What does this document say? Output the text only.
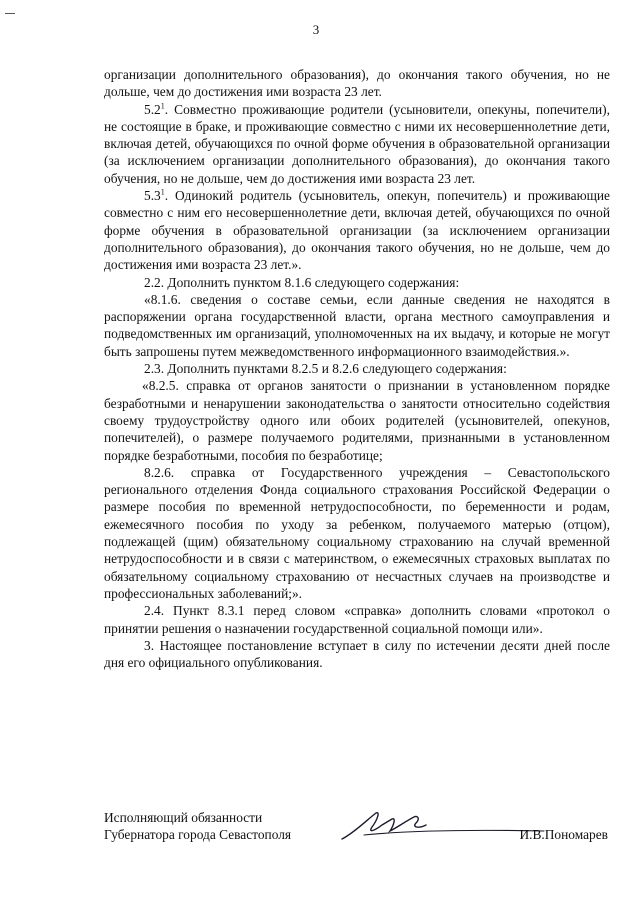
3

организации дополнительного образования), до окончания такого обучения, но не дольше, чем до достижения ими возраста 23 лет.

$5.2^1$. Совместно проживающие родители (усыновители, опекуны, попечители), не состоящие в браке, и проживающие совместно с ними их несовершеннолетние дети, включая детей, обучающихся по очной форме обучения в образовательной организации (за исключением организации дополнительного образования), до окончания такого обучения, но не дольше, чем до достижения ими возраста 23 лет.

$5.3^1$. Одинокий родитель (усыновитель, опекун, попечитель) и проживающие совместно с ним его несовершеннолетние дети, включая детей, обучающихся по очной форме обучения в образовательной организации (за исключением организации дополнительного образования), до окончания такого обучения, но не дольше, чем до достижения ими возраста 23 лет.».

2.2. Дополнить пунктом 8.1.6 следующего содержания:

«8.1.6. сведения о составе семьи, если данные сведения не находятся в распоряжении органа государственной власти, органа местного самоуправления и подведомственных им организаций, уполномоченных на их выдачу, и которые не могут быть запрошены путем межведомственного информационного взаимодействия.».

2.3. Дополнить пунктами 8.2.5 и 8.2.6 следующего содержания:

«8.2.5. справка от органов занятости о признании в установленном порядке безработными и ненарушении законодательства о занятости относительно содействия своему трудоустройству одного или обоих родителей (усыновителей, опекунов, попечителей), о размере получаемого родителями, признанными в установленном порядке безработными, пособия по безработице;

8.2.6. справка от Государственного учреждения – Севастопольского регионального отделения Фонда социального страхования Российской Федерации о размере пособия по временной нетрудоспособности, по беременности и родам, ежемесячного пособия по уходу за ребенком, получаемого матерью (отцом), подлежащей (щим) обязательному социальному страхованию на случай временной нетрудоспособности и в связи с материнством, о ежемесячных страховых выплатах по обязательному социальному страхованию от несчастных случаев на производстве и профессиональных заболеваний;».

2.4. Пункт 8.3.1 перед словом «справка» дополнить словами «протокол о принятии решения о назначении государственной социальной помощи или».

3. Настоящее постановление вступает в силу по истечении десяти дней после дня его официального опубликования.

Исполняющий обязанности
Губернатора города Севастополя	И.В.Пономарев
